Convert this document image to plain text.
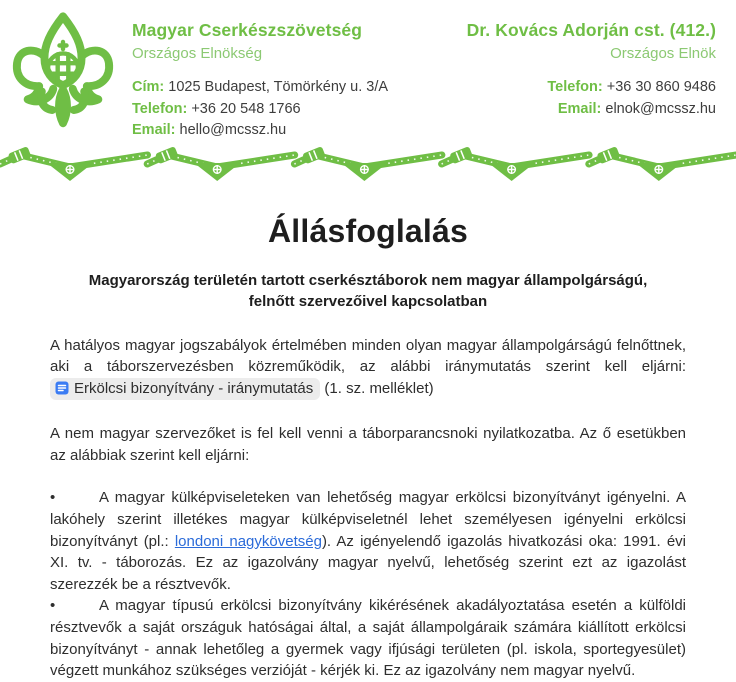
Magyar Cserkészszövetség
Országos Elnökség
Cím: 1025 Budapest, Tömörkény u. 3/A
Telefon: +36 20 548 1766
Email: hello@mcssz.hu
Dr. Kovács Adorján cst. (412.)
Országos Elnök
Telefon: +36 30 860 9486
Email: elnok@mcssz.hu
Állásfoglalás
Magyarország területén tartott cserkésztáborok nem magyar állampolgárságú,
felnőtt szervezőivel kapcsolatban

A hatályos magyar jogszabályok értelmében minden olyan magyar állampolgárságú felnőttnek, aki a táborszervezésben közreműködik, az alábbi iránymutatás szerint kell eljárni: Erkölcsi bizonyítvány - iránymutatás (1. sz. melléklet)

A nem magyar szervezőket is fel kell venni a táborparancsnoki nyilatkozatba. Az ő esetükben az alábbiak szerint kell eljárni:

•	A magyar külképviseleteken van lehetőség magyar erkölcsi bizonyítványt igényelni. A lakóhely szerint illetékes magyar külképviseletnél lehet személyesen igényelni erkölcsi bizonyítványt (pl.: londoni nagykövetség). Az igényelendő igazolás hivatkozási oka: 1991. évi XI. tv. - táborozás. Ez az igazolvány magyar nyelvű, lehetőség szerint ezt az igazolást szerezzék be a résztvevők.

•	A magyar típusú erkölcsi bizonyítvány kikérésének akadályoztatása esetén a külföldi résztvevők a saját országuk hatóságai által, a saját állampolgáraik számára kiállított erkölcsi bizonyítványt - annak lehetőleg a gyermek vagy ifjúsági területen (pl. iskola, sportegyesület) végzett munkához szükséges verzióját - kérjék ki. Ez az igazolvány nem magyar nyelvű.
